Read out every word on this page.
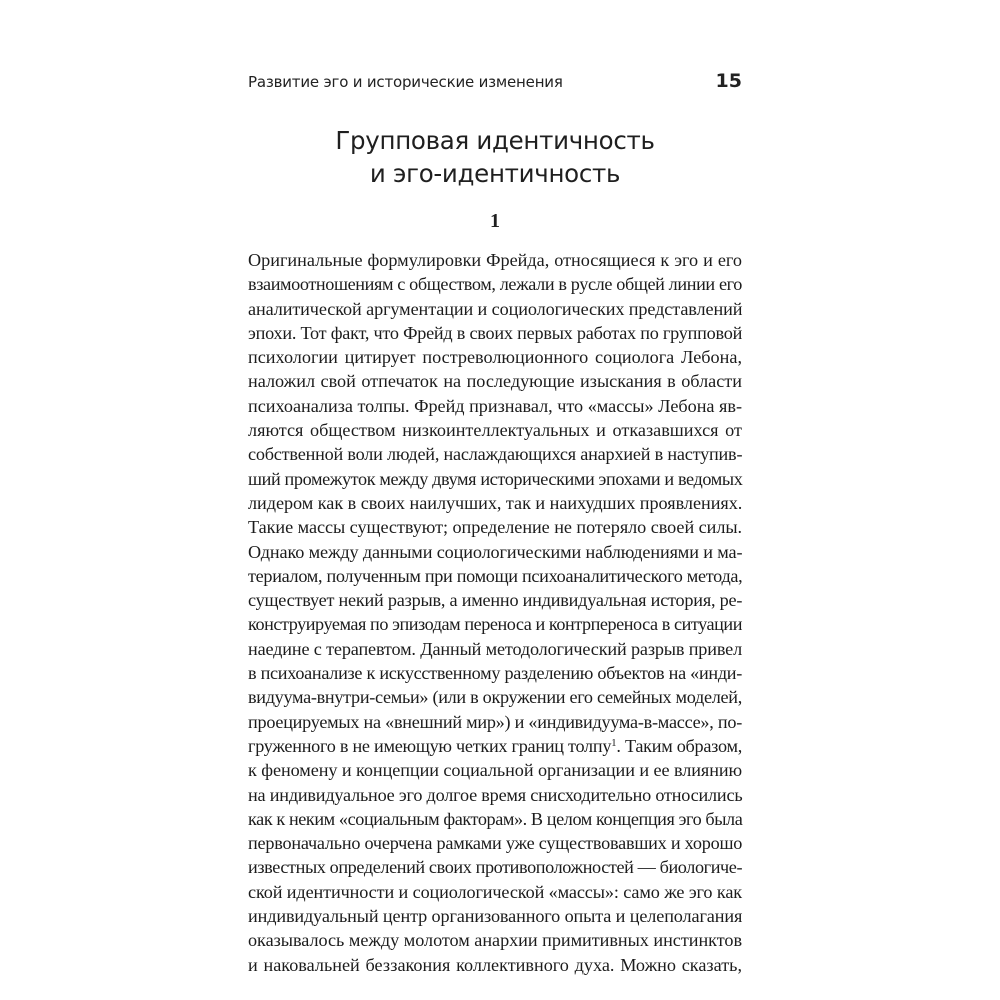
Развитие эго и исторические изменения	15
Групповая идентичность
и эго-идентичность
1
Оригинальные формулировки Фрейда, относящиеся к эго и его
взаимоотношениям с обществом, лежали в русле общей линии его
аналитической аргументации и социологических представлений
эпохи. Тот факт, что Фрейд в своих первых работах по групповой
психологии цитирует постреволюционного социолога Лебона,
наложил свой отпечаток на последующие изыскания в области
психоанализа толпы. Фрейд признавал, что «массы» Лебона яв-
ляются обществом низкоинтеллектуальных и отказавшихся от
собственной воли людей, наслаждающихся анархией в наступив-
ший промежуток между двумя историческими эпохами и ведомых
лидером как в своих наилучших, так и наихудших проявлениях.
Такие массы существуют; определение не потеряло своей силы.
Однако между данными социологическими наблюдениями и ма-
териалом, полученным при помощи психоаналитического метода,
существует некий разрыв, а именно индивидуальная история, ре-
конструируемая по эпизодам переноса и контрпереноса в ситуации
наедине с терапевтом. Данный методологический разрыв привел
в психоанализе к искусственному разделению объектов на «инди-
видуума-внутри-семьи» (или в окружении его семейных моделей,
проецируемых на «внешний мир») и «индивидуума-в-массе», по-
груженного в не имеющую четких границ толпу$^1$. Таким образом,
к феномену и концепции социальной организации и ее влиянию
на индивидуальное эго долгое время снисходительно относились
как к неким «социальным факторам». В целом концепция эго была
первоначально очерчена рамками уже существовавших и хорошо
известных определений своих противоположностей — биологиче-
ской идентичности и социологической «массы»: само же эго как
индивидуальный центр организованного опыта и целеполагания
оказывалось между молотом анархии примитивных инстинктов
и наковальней беззакония коллективного духа. Можно сказать,
